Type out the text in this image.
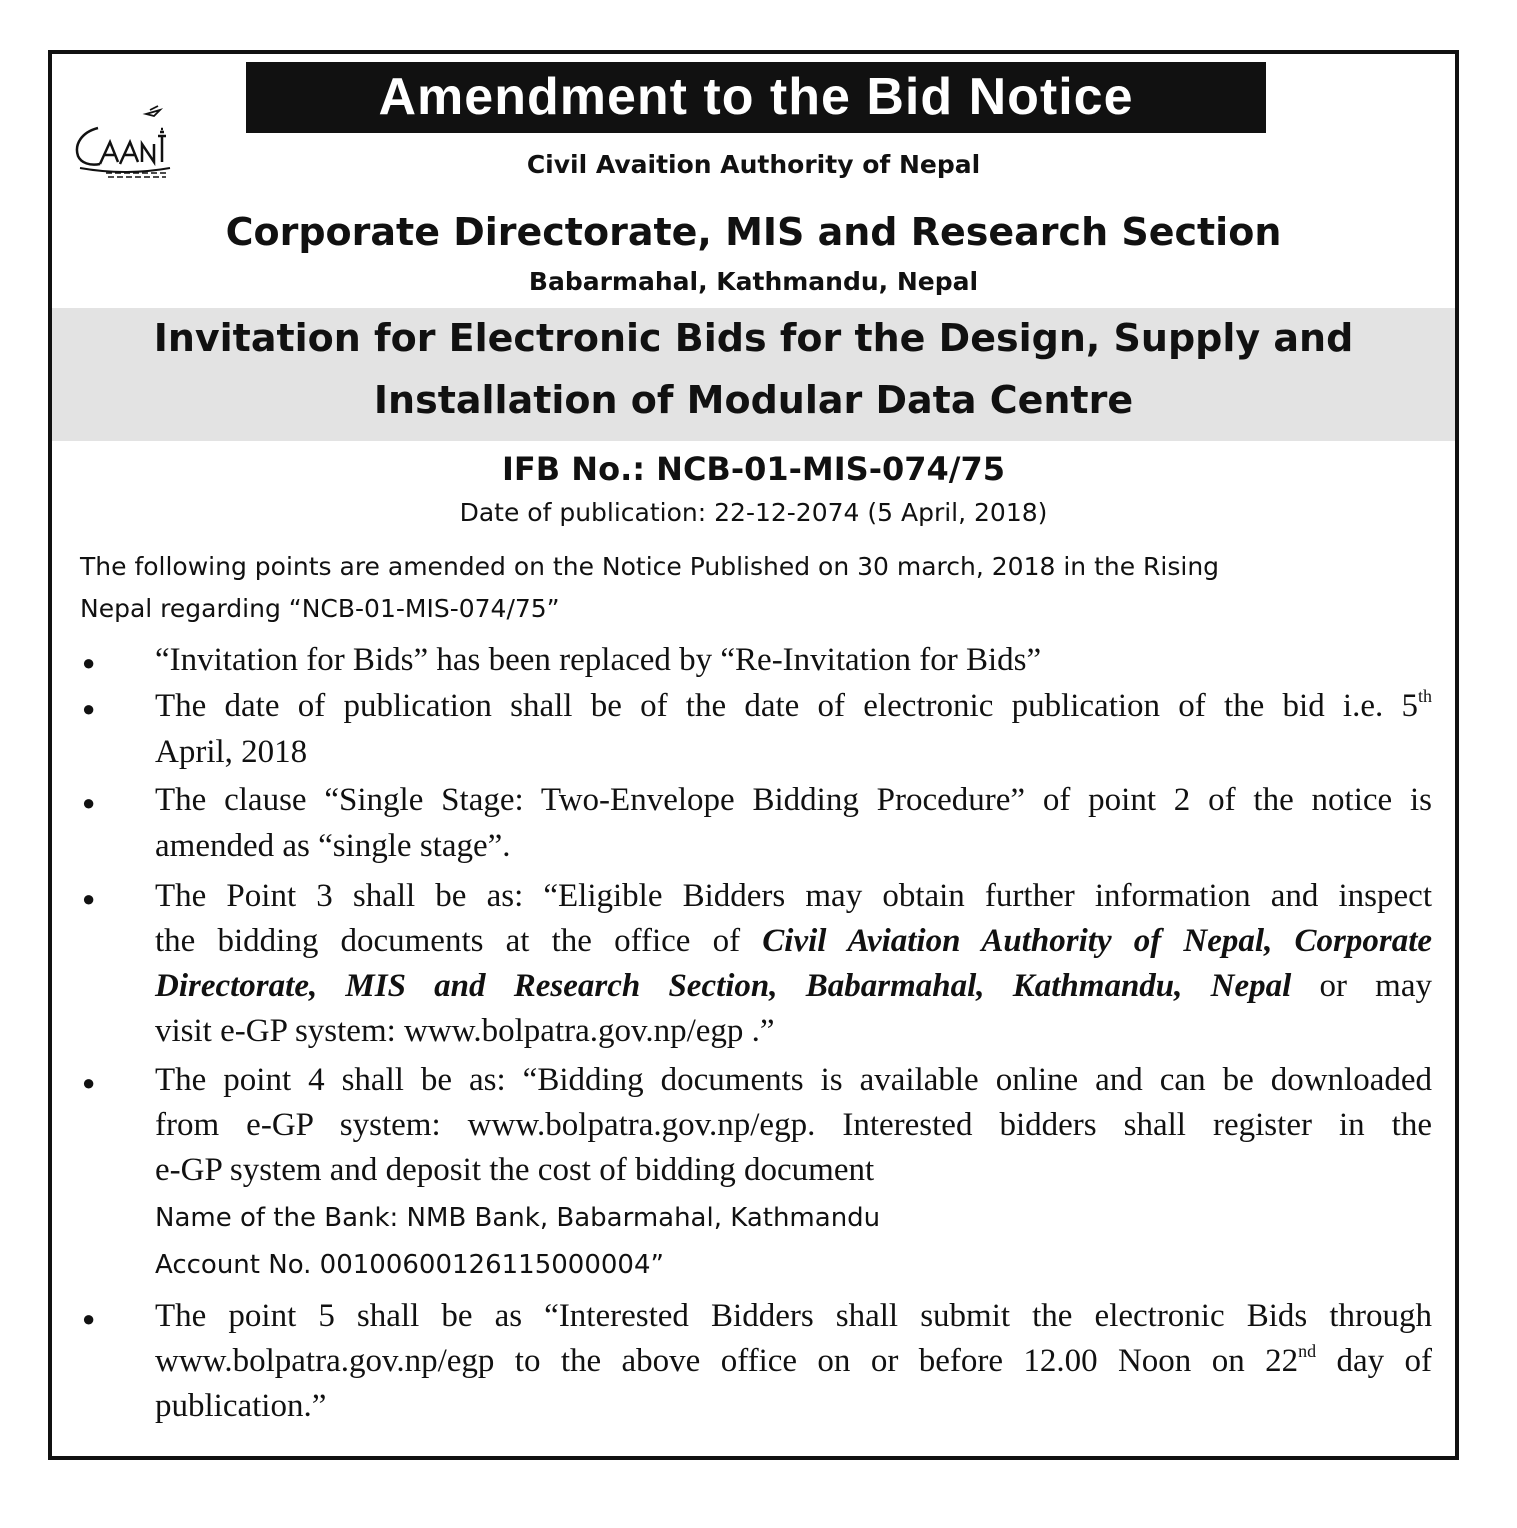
Amendment to the Bid Notice
Civil Avaition Authority of Nepal
Corporate Directorate, MIS and Research Section
Babarmahal, Kathmandu, Nepal
Invitation for Electronic Bids for the Design, Supply and
Installation of Modular Data Centre
IFB No.: NCB-01-MIS-074/75
Date of publication: 22-12-2074 (5 April, 2018)
The following points are amended on the Notice Published on 30 march, 2018 in the Rising
Nepal regarding “NCB-01-MIS-074/75”
● “Invitation for Bids” has been replaced by “Re-Invitation for Bids”
● The date of publication shall be of the date of electronic publication of the bid i.e. 5th
April, 2018
● The clause “Single Stage: Two-Envelope Bidding Procedure” of point 2 of the notice is
amended as “single stage”.
● The Point 3 shall be as: “Eligible Bidders may obtain further information and inspect
the bidding documents at the office of Civil Aviation Authority of Nepal, Corporate
Directorate, MIS and Research Section, Babarmahal, Kathmandu, Nepal or may
visit e-GP system: www.bolpatra.gov.np/egp .”
● The point 4 shall be as: “Bidding documents is available online and can be downloaded
from e-GP system: www.bolpatra.gov.np/egp. Interested bidders shall register in the
e-GP system and deposit the cost of bidding document
Name of the Bank: NMB Bank, Babarmahal, Kathmandu
Account No. 00100600126115000004”
● The point 5 shall be as “Interested Bidders shall submit the electronic Bids through
www.bolpatra.gov.np/egp to the above office on or before 12.00 Noon on 22nd day of
publication.”
